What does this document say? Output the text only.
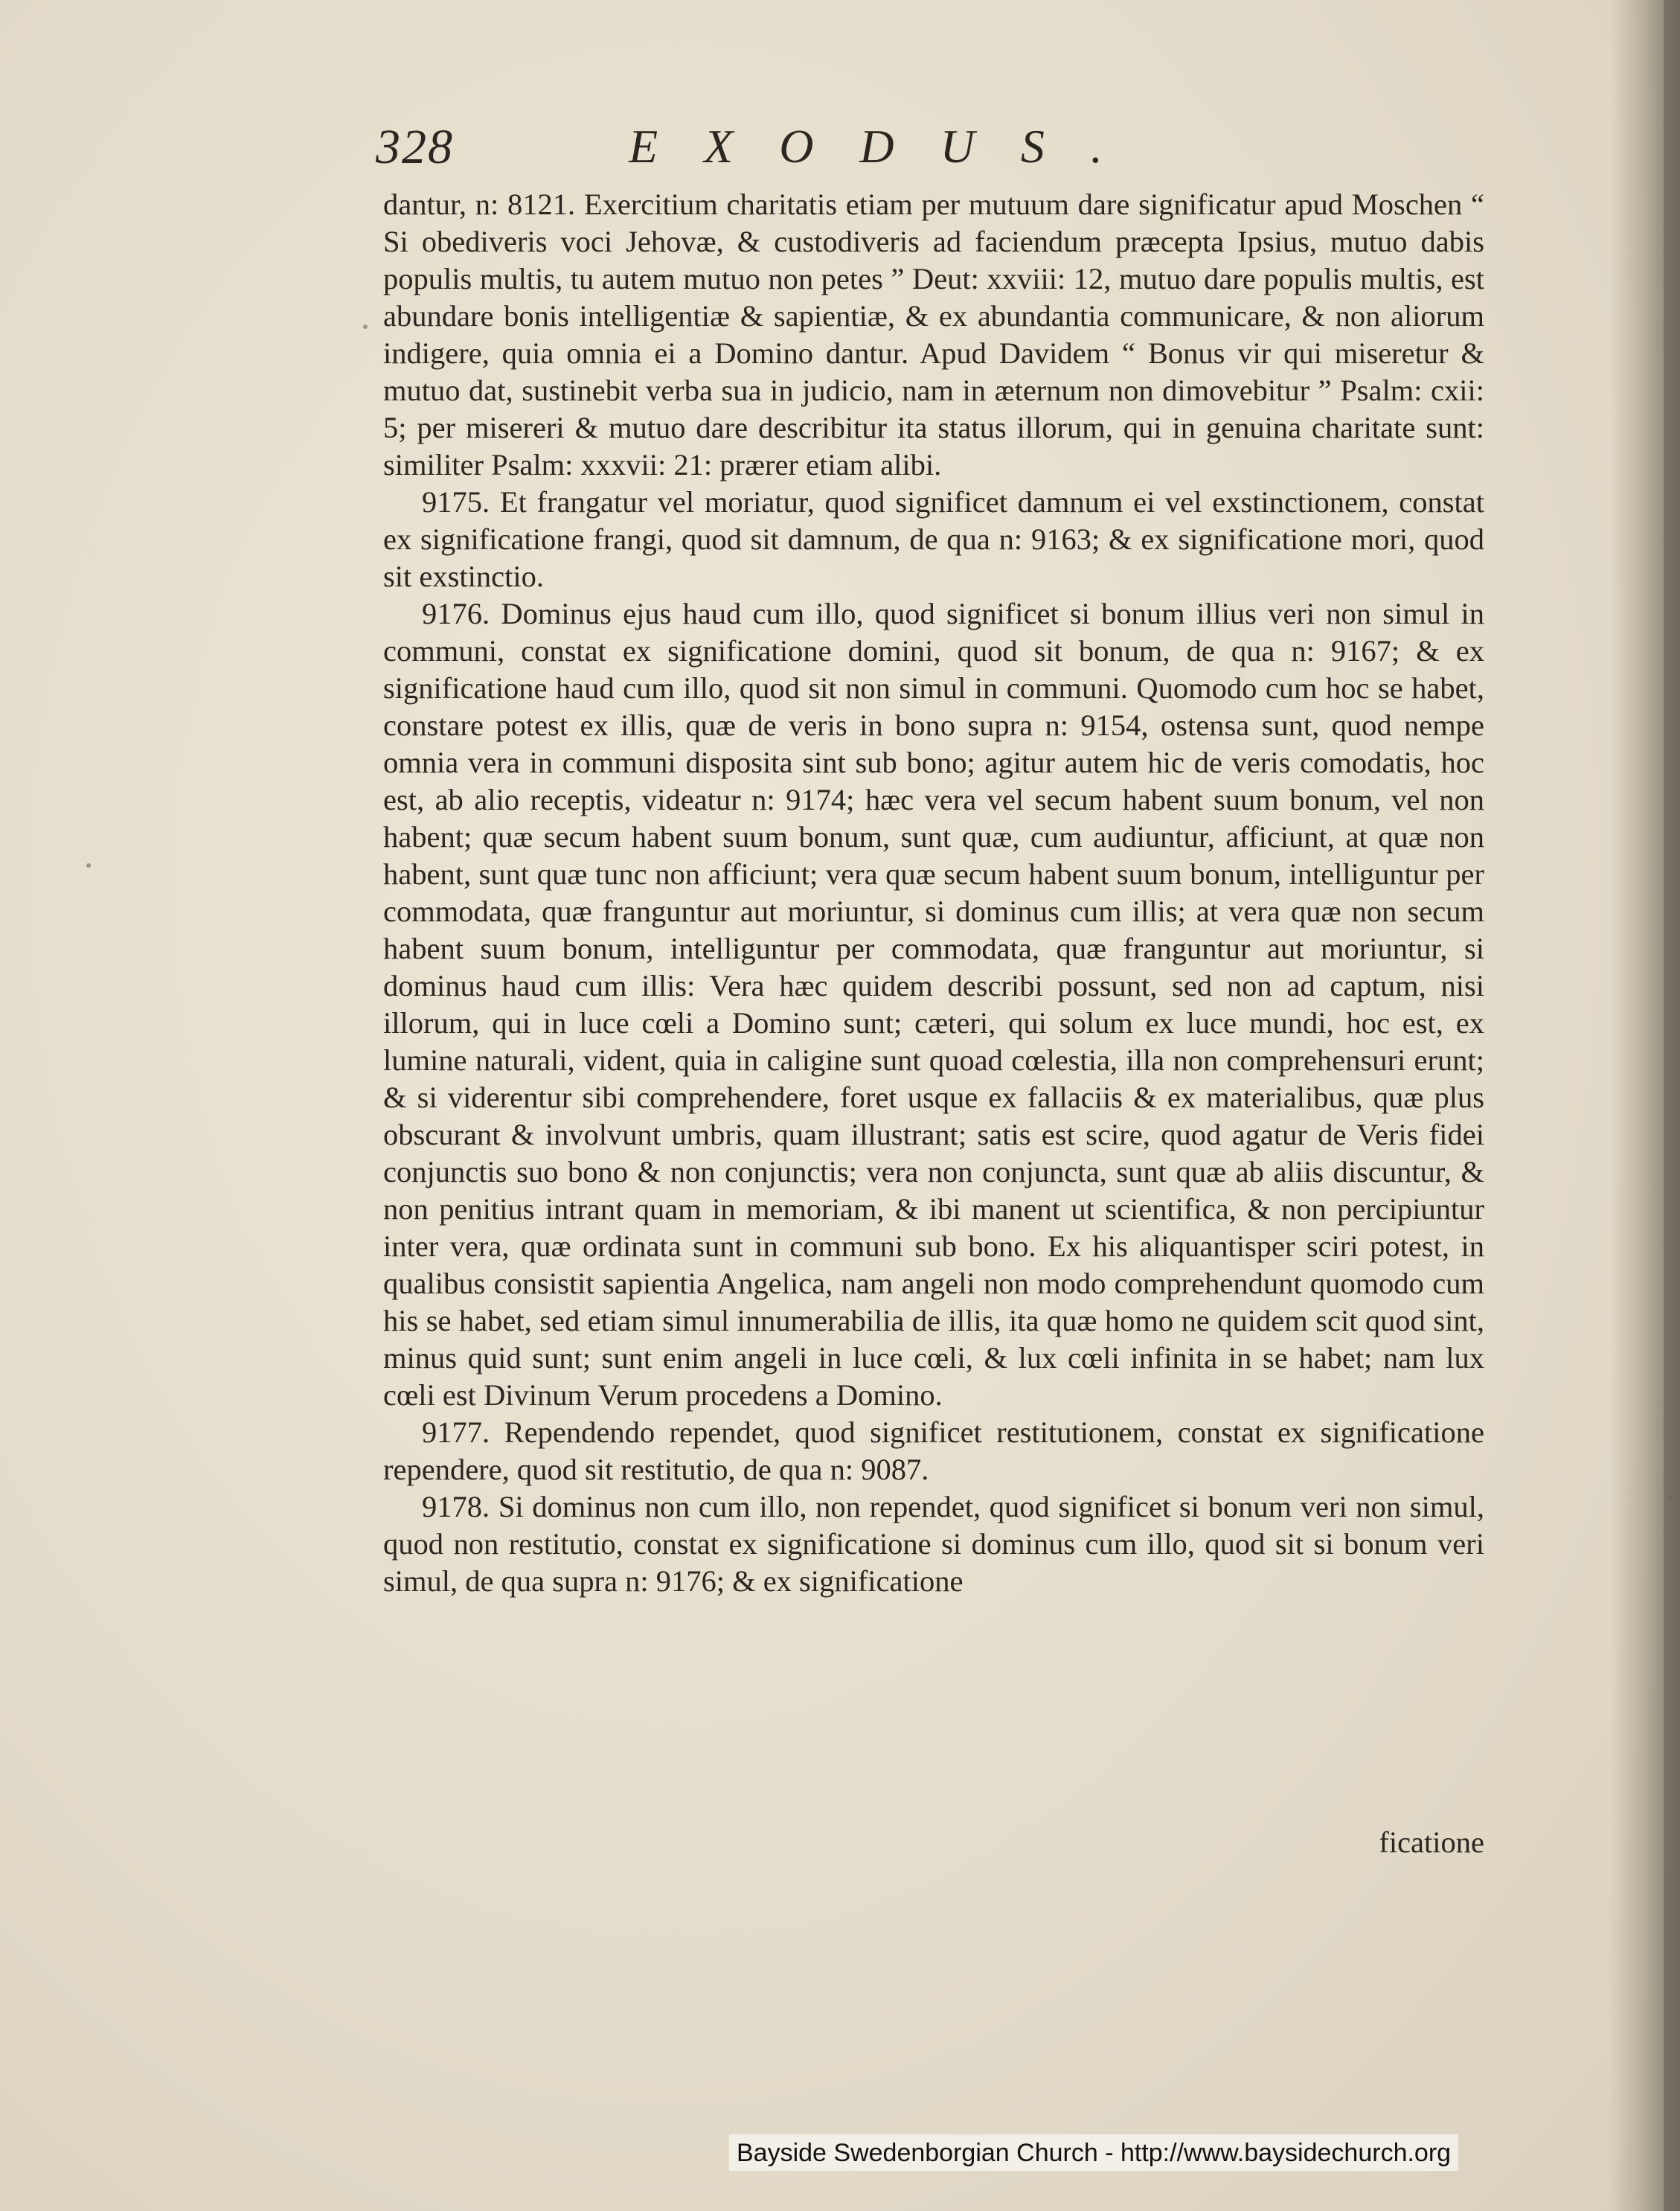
328	EXODUS.

dantur, n: 8121. Exercitium charitatis etiam per mutuum dare significatur apud Moschen “ Si obediveris voci Jehovæ, & custodiveris ad faciendum præcepta Ipsius, mutuo dabis populis multis, tu autem mutuo non petes ” Deut: xxviii: 12, mutuo dare populis multis, est abundare bonis intelligentiæ & sapientiæ, & ex abundantia communicare, & non aliorum indigere, quia omnia ei a Domino dantur. Apud Davidem “ Bonus vir qui miseretur & mutuo dat, sustinebit verba sua in judicio, nam in æternum non dimovebitur ” Psalm: cxii: 5; per misereri & mutuo dare describitur ita status illorum, qui in genuina charitate sunt: similiter Psalm: xxxvii: 21: prærer etiam alibi.

9175. Et frangatur vel moriatur, quod significet damnum ei vel exstinctionem, constat ex significatione frangi, quod sit damnum, de qua n: 9163; & ex significatione mori, quod sit exstinctio.

9176. Dominus ejus haud cum illo, quod significet si bonum illius veri non simul in communi, constat ex significatione domini, quod sit bonum, de qua n: 9167; & ex significatione haud cum illo, quod sit non simul in communi. Quomodo cum hoc se habet, constare potest ex illis, quæ de veris in bono supra n: 9154, ostensa sunt, quod nempe omnia vera in communi disposita sint sub bono; agitur autem hic de veris comodatis, hoc est, ab alio receptis, videatur n: 9174; hæc vera vel secum habent suum bonum, vel non habent; quæ secum habent suum bonum, sunt quæ, cum audiuntur, afficiunt, at quæ non habent, sunt quæ tunc non afficiunt; vera quæ secum habent suum bonum, intelliguntur per commodata, quæ franguntur aut moriuntur, si dominus cum illis; at vera quæ non secum habent suum bonum, intelliguntur per commodata, quæ franguntur aut moriuntur, si dominus haud cum illis: Vera hæc quidem describi possunt, sed non ad captum, nisi illorum, qui in luce cœli a Domino sunt; cæteri, qui solum ex luce mundi, hoc est, ex lumine naturali, vident, quia in caligine sunt quoad cœlestia, illa non comprehensuri erunt; & si viderentur sibi comprehendere, foret usque ex fallaciis & ex materialibus, quæ plus obscurant & involvunt umbris, quam illustrant; satis est scire, quod agatur de Veris fidei conjunctis suo bono & non conjunctis; vera non conjuncta, sunt quæ ab aliis discuntur, & non penitius intrant quam in memoriam, & ibi manent ut scientifica, & non percipiuntur inter vera, quæ ordinata sunt in communi sub bono. Ex his aliquantisper sciri potest, in qualibus consistit sapientia Angelica, nam angeli non modo comprehendunt quomodo cum his se habet, sed etiam simul innumerabilia de illis, ita quæ homo ne quidem scit quod sint, minus quid sunt; sunt enim angeli in luce cœli, & lux cœli infinita in se habet; nam lux cœli est Divinum Verum procedens a Domino.

9177. Rependendo rependet, quod significet restitutionem, constat ex significatione rependere, quod sit restitutio, de qua n: 9087.

9178. Si dominus non cum illo, non rependet, quod significet si bonum veri non simul, quod non restitutio, constat ex significatione si dominus cum illo, quod sit si bonum veri simul, de qua supra n: 9176; & ex significatione

ficatione
Bayside Swedenborgian Church - http://www.baysidechurch.org
